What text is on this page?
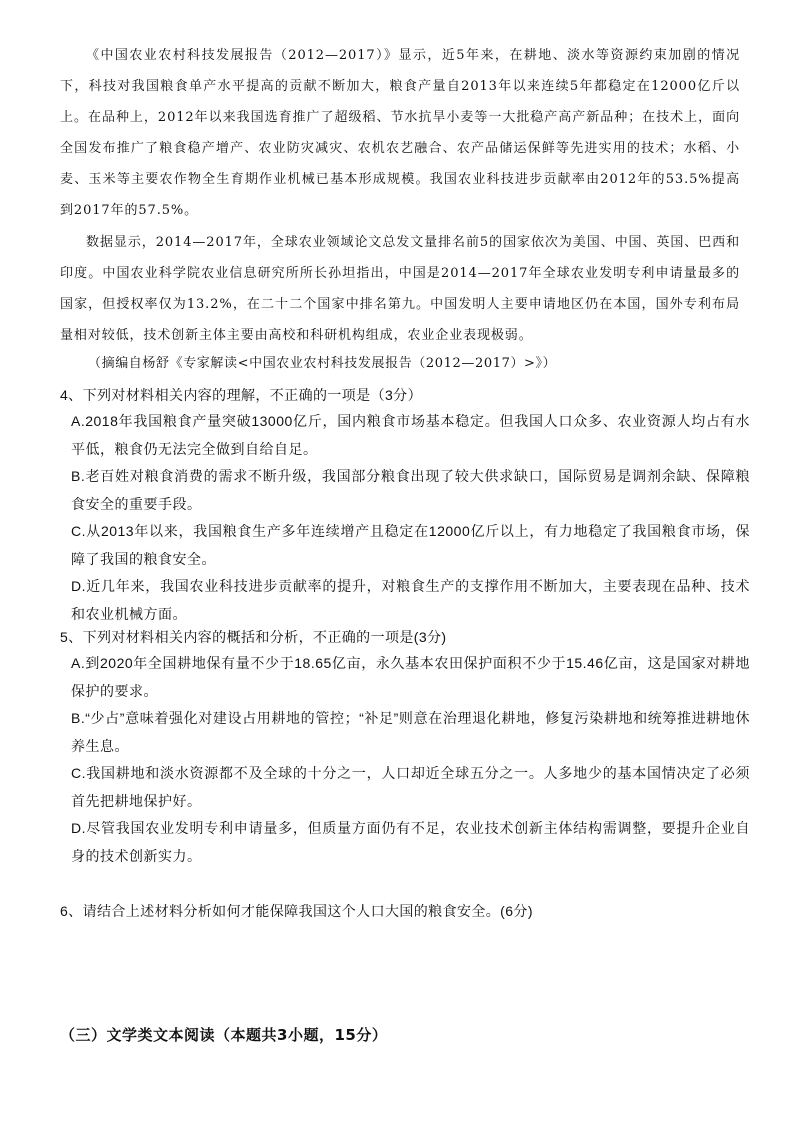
《中国农业农村科技发展报告（2012—2017）》显示，近5年来，在耕地、淡水等资源约束加剧的情况下，科技对我国粮食单产水平提高的贡献不断加大，粮食产量自2013年以来连续5年都稳定在12000亿斤以上。在品种上，2012年以来我国选育推广了超级稻、节水抗旱小麦等一大批稳产高产新品种；在技术上，面向全国发布推广了粮食稳产增产、农业防灾减灾、农机农艺融合、农产品储运保鲜等先进实用的技术；水稻、小麦、玉米等主要农作物全生育期作业机械已基本形成规模。我国农业科技进步贡献率由2012年的53.5%提高到2017年的57.5%。

数据显示，2014—2017年，全球农业领域论文总发文量排名前5的国家依次为美国、中国、英国、巴西和印度。中国农业科学院农业信息研究所所长孙坦指出，中国是2014—2017年全球农业发明专利申请量最多的国家，但授权率仅为13.2%，在二十二个国家中排名第九。中国发明人主要申请地区仍在本国，国外专利布局量相对较低，技术创新主体主要由高校和科研机构组成，农业企业表现极弱。

（摘编自杨舒《专家解读<中国农业农村科技发展报告（2012—2017）>》）

4、下列对材料相关内容的理解，不正确的一项是（3分）

A.2018年我国粮食产量突破13000亿斤，国内粮食市场基本稳定。但我国人口众多、农业资源人均占有水平低，粮食仍无法完全做到自给自足。

B.老百姓对粮食消费的需求不断升级，我国部分粮食出现了较大供求缺口，国际贸易是调剂余缺、保障粮食安全的重要手段。

C.从2013年以来，我国粮食生产多年连续增产且稳定在12000亿斤以上，有力地稳定了我国粮食市场，保障了我国的粮食安全。

D.近几年来，我国农业科技进步贡献率的提升，对粮食生产的支撑作用不断加大，主要表现在品种、技术和农业机械方面。

5、下列对材料相关内容的概括和分析，不正确的一项是(3分)

A.到2020年全国耕地保有量不少于18.65亿亩，永久基本农田保护面积不少于15.46亿亩，这是国家对耕地保护的要求。

B.“少占”意味着强化对建设占用耕地的管控；“补足”则意在治理退化耕地，修复污染耕地和统筹推进耕地休养生息。

C.我国耕地和淡水资源都不及全球的十分之一，人口却近全球五分之一。人多地少的基本国情决定了必须首先把耕地保护好。

D.尽管我国农业发明专利申请量多，但质量方面仍有不足，农业技术创新主体结构需调整，要提升企业自身的技术创新实力。

6、请结合上述材料分析如何才能保障我国这个人口大国的粮食安全。(6分)

（三）文学类文本阅读（本题共3小题，15分）
